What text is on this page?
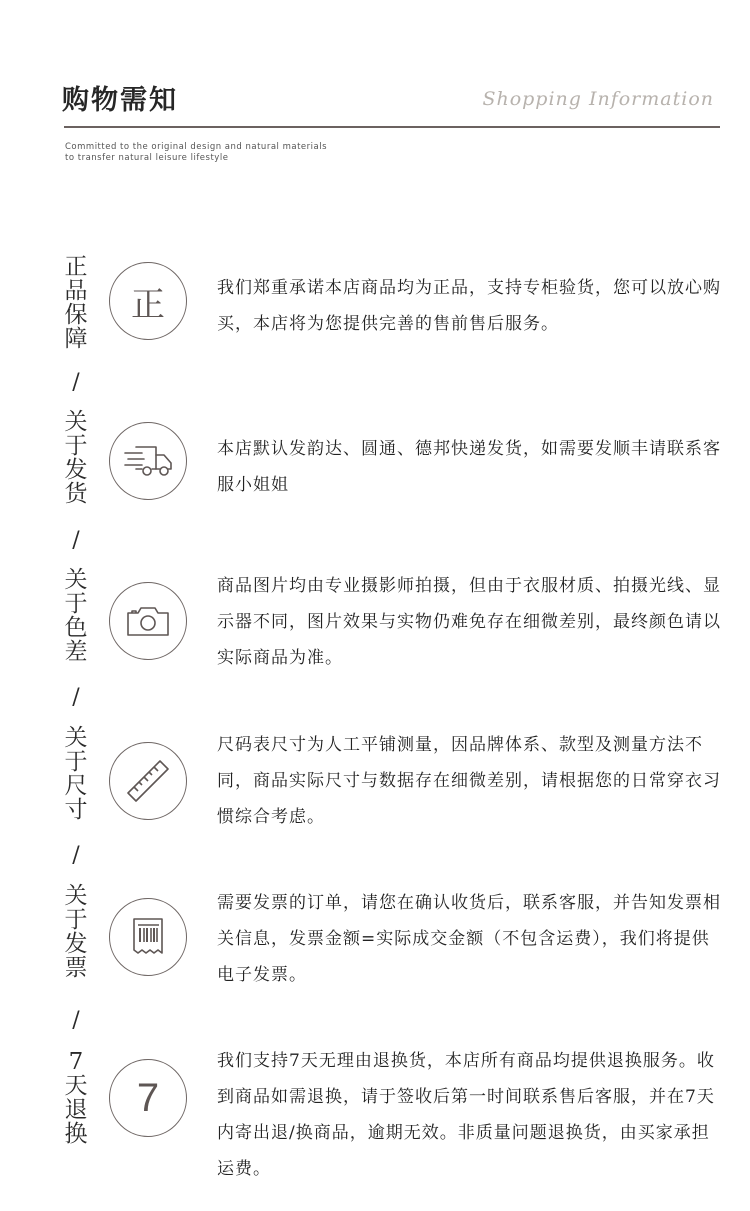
购物需知	Shopping Information
Committed to the original design and natural materials
to transfer natural leisure lifestyle
正
品
保
障
正	我们郑重承诺本店商品均为正品，支持专柜验货，您可以放心购买，本店将为您提供完善的售前售后服务。
/
关
于
发
货
本店默认发韵达、圆通、德邦快递发货，如需要发顺丰请联系客服小姐姐
/
关
于
色
差
商品图片均由专业摄影师拍摄，但由于衣服材质、拍摄光线、显示器不同，图片效果与实物仍难免存在细微差别，最终颜色请以实际商品为准。
/
关
于
尺
寸
尺码表尺寸为人工平铺测量，因品牌体系、款型及测量方法不同，商品实际尺寸与数据存在细微差别，请根据您的日常穿衣习惯综合考虑。
/
关
于
发
票
需要发票的订单，请您在确认收货后，联系客服，并告知发票相关信息，发票金额=实际成交金额（不包含运费），我们将提供电子发票。
/
7
天
退
换
7
我们支持7天无理由退换货，本店所有商品均提供退换服务。收到商品如需退换，请于签收后第一时间联系售后客服，并在7天内寄出退/换商品，逾期无效。非质量问题退换货，由买家承担运费。
